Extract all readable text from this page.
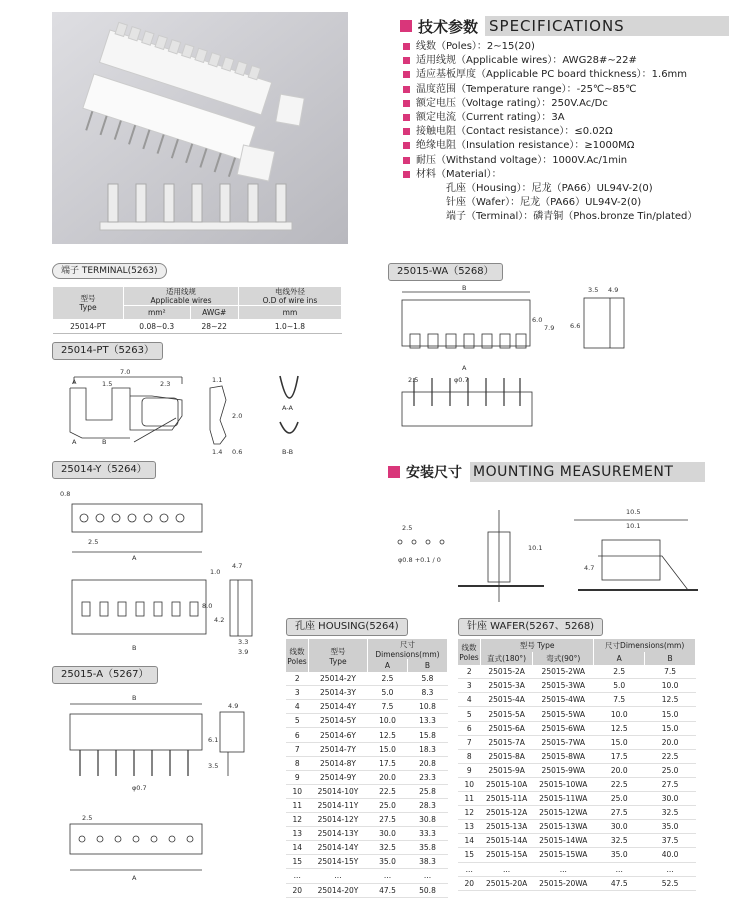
技术参数 SPECIFICATIONS
线数（Poles）：2∼15(20)
适用线规（Applicable wires）：AWG28#∼22#
适应基板厚度（Applicable PC board thickness）：1.6mm
温度范围（Temperature range）：-25℃∼85℃
额定电压（Voltage rating）：250V.Ac/Dc
额定电流（Current rating）：3A
接触电阻（Contact resistance）：≤0.02Ω
绝缘电阻（Insulation resistance）：≥1000MΩ
耐压（Withstand voltage）：1000V.Ac/1min
材料（Material）：
孔座（Housing）：尼龙（PA66）UL94V-2(0)
针座（Wafer）：尼龙（PA66）UL94V-2(0)
端子（Terminal）：磷青铜（Phos.bronze Tin/plated）
端子 TERMINAL(5263)
型号
Type	适用线规
Applicable wires		电线外径
O.D of wire ins
	mm²	AWG#	mm
25014-PT	0.08∼0.3	28∼22	1.0∼1.8
25014-PT（5263）
25014-Y（5264）
25015-A（5267）
25015-WA（5268）
7.0
1.5	2.3
A
A	B
1.1
2.0
1.4 0.6
A-A
B-B
0.8
2.5
A
4.7
1.0
4.2
8.0
3.3
3.9
B
B
4.9
6.1
3.5
φ0.7
2.5
A
B
6.0
7.9
3.5 4.9
6.6
A
2.5	φ0.7
安装尺寸 MOUNTING MEASUREMENT
2.5
φ0.8 +0.1 / 0
10.1
10.5
10.1
4.7
孔座 HOUSING(5264)
线数
Poles	型号
Type	尺寸Dimensions(mm)	
		A	B
2	25014-2Y	2.5	5.8
3	25014-3Y	5.0	8.3
4	25014-4Y	7.5	10.8
5	25014-5Y	10.0	13.3
6	25014-6Y	12.5	15.8
7	25014-7Y	15.0	18.3
8	25014-8Y	17.5	20.8
9	25014-9Y	20.0	23.3
10	25014-10Y	22.5	25.8
11	25014-11Y	25.0	28.3
12	25014-12Y	27.5	30.8
13	25014-13Y	30.0	33.3
14	25014-14Y	32.5	35.8
15	25014-15Y	35.0	38.3
...	...	...	...
20	25014-20Y	47.5	50.8
针座 WAFER(5267、5268)
线数
Poles	型号 Type		尺寸Dimensions(mm)	
	直式(180°)	弯式(90°)	A	B
2	25015-2A	25015-2WA	2.5	7.5
3	25015-3A	25015-3WA	5.0	10.0
4	25015-4A	25015-4WA	7.5	12.5
5	25015-5A	25015-5WA	10.0	15.0
6	25015-6A	25015-6WA	12.5	15.0
7	25015-7A	25015-7WA	15.0	20.0
8	25015-8A	25015-8WA	17.5	22.5
9	25015-9A	25015-9WA	20.0	25.0
10	25015-10A	25015-10WA	22.5	27.5
11	25015-11A	25015-11WA	25.0	30.0
12	25015-12A	25015-12WA	27.5	32.5
13	25015-13A	25015-13WA	30.0	35.0
14	25015-14A	25015-14WA	32.5	37.5
15	25015-15A	25015-15WA	35.0	40.0
...	...	...	...	...
20	25015-20A	25015-20WA	47.5	52.5
